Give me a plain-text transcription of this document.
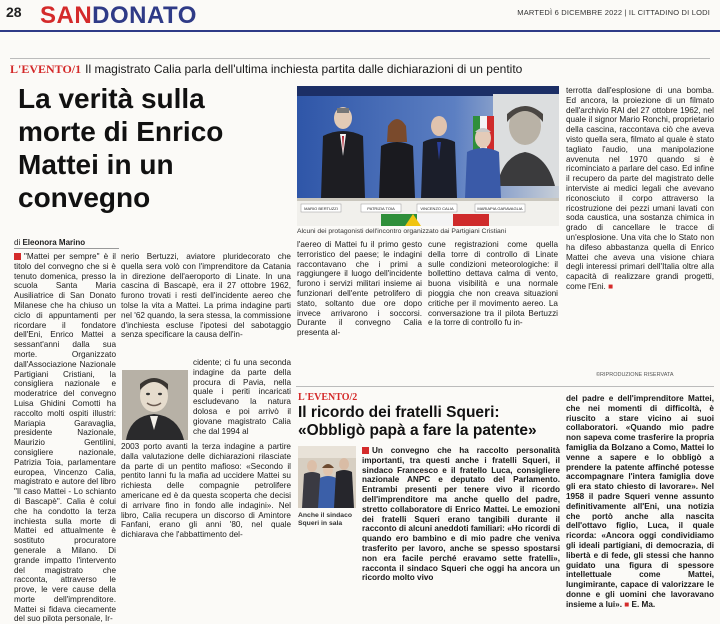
28 SANDONATO	MARTEDÌ 6 DICEMBRE 2022 | IL CITTADINO DI LODI
L'EVENTO/1 Il magistrato Calia parla dell'ultima inchiesta partita dalle dichiarazioni di un pentito
La verità sulla morte di Enrico Mattei in un convegno
di Eleonora Marino
"Mattei per sempre" è il titolo del convegno che si è tenuto domenica, presso la scuola Santa Maria Ausiliatrice di San Donato Milanese che ha chiuso un ciclo di appuntamenti per ricordare il fondatore dell'Eni, Enrico Mattei a sessant'anni dalla sua morte. Organizzato dall'Associazione Nazionale Partigiani Cristiani, la consigliera nazionale e moderatrice del convegno Luisa Ghidini Comotti ha raccolto molti ospiti illustri: Mariapia Garavaglia, presidente Nazionale, Maurizio Gentilini, consigliere nazionale, Patrizia Toia, parlamentare europea, Vincenzo Calia, magistrato e autore del libro "Il caso Mattei - Lo schianto di Bascapè". Calia è colui che ha condotto la terza inchiesta sulla morte di Mattei ed attualmente è sostituto procuratore generale a Milano. Di grande impatto l'intervento del magistrato che racconta, attraverso le prove, le vere cause della morte dell'imprenditore. Mattei si fidava ciecamente del suo pilota personale, Ir-
nerio Bertuzzi, aviatore pluridecorato che quella sera volò con l'imprenditore da Catania in direzione dell'aeroporto di Linate. In una cascina di Bascapè, era il 27 ottobre 1962, furono trovati i resti dell'incidente aereo che tolse la vita a Mattei. La prima indagine parti nel '62 quando, la sera stessa, la commissione d'inchiesta escluse l'ipotesi del sabotaggio senza specificare la causa dell'in-
cidente; ci fu una seconda indagine da parte della procura di Pavia, nella quale i periti incaricati escludevano la natura dolosa e poi arrivò il giovane magistrato Calia che dal 1994 al
2003 porto avanti la terza indagine a partire dalla valutazione delle dichiarazioni rilasciate da parte di un pentito mafioso: «Secondo il pentito Ianni fu la mafia ad uccidere Mattei su richiesta delle compagnie petrolifere americane ed è da questa scoperta che decisi di arrivare fino in fondo alle indagini». Nel libro, Calia recupera un discorso di Amintore Fanfani, erano gli anni '80, nel quale dichiarava che l'abbattimento del-
MARIO BERTUZZI	PATRIZIA TOIA	VINCENZO CALIA	MARIAPIA GARAVAGLIA
Alcuni dei protagonisti dell'incontro organizzato dai Partigiani Cristiani
l'aereo di Mattei fu il primo gesto terroristico del paese; le indagini raccontavano che i primi a raggiungere il luogo dell'incidente furono i servizi militari insieme ai funzionari dell'ente petrolifero di stato, soltanto due ore dopo invece arrivarono i soccorsi. Durante il convegno Calia presenta al-
cune registrazioni come quella della torre di controllo di Linate sulle condizioni meteorologiche: il bollettino dettava calma di vento, buona visibilità e una normale pioggia che non creava situazioni critiche per il movimento aereo. La conversazione tra il pilota Bertuzzi e la torre di controllo fu in-
terrotta dall'esplosione di una bomba. Ed ancora, la proiezione di un filmato dell'archivio RAI del 27 ottobre 1962, nel quale il signor Mario Ronchi, proprietario della cascina, raccontava ciò che aveva visto quella sera, filmato al quale è stato tagliato l'audio, una manipolazione avvenuta nel 1970 quando si è ricominciato a parlare del caso. Ed infine il recupero da parte del magistrato delle interviste ai medici legali che avevano riconosciuto il corpo attraverso la ricostruzione dei pezzi umani lavati con soda caustica, una sostanza chimica in grado di cancellare le tracce di un'esplosione. Una vita che lo Stato non ha difeso abbastanza quella di Enrico Mattei che aveva una visione chiara degli interessi primari dell'Italia oltre alla capacità di realizzare grandi progetti, come l'Eni. ■
©RIPRODUZIONE RISERVATA
L'EVENTO/2
Il ricordo dei fratelli Squeri: «Obbligò papà a fare la patente»
Anche il sindaco Squeri in sala
Un convegno che ha raccolto personalità importanti, tra questi anche i fratelli Squeri, il sindaco Francesco e il fratello Luca, consigliere nazionale ANPC e deputato del Parlamento. Entrambi presenti per tenere vivo il ricordo dell'imprenditore ma anche quello del padre, stretto collaboratore di Enrico Mattei. Le emozioni dei fratelli Squeri erano tangibili durante il racconto di alcuni aneddoti familiari: «Ho ricordi di quando ero bambino e di mio padre che veniva trasferito per lavoro, anche se spesso spostarsi non era facile perché eravamo sette fratelli», racconta il sindaco Squeri che oggi ha ancora un ricordo molto vivo
del padre e dell'imprenditore Mattei, che nei momenti di difficoltà, è riuscito a stare vicino ai suoi collaboratori. «Quando mio padre non sapeva come trasferire la propria famiglia da Bolzano a Como, Mattei lo venne a sapere e lo obbligò a prendere la patente affinché potesse accompagnare l'intera famiglia dove gli era stato chiesto di lavorare». Nel 1958 il padre Squeri venne assunto definitivamente all'Eni, una notizia che portò anche alla nascita dell'ottavo figlio, Luca, il quale ricorda: «Ancora oggi condividiamo gli ideali partigiani, di democrazia, di libertà e di fede, gli stessi che hanno guidato una figura di spessore intellettuale come Mattei, lungimirante, capace di valorizzare le donne e gli uomini che lavoravano insieme a lui». ■ E. Ma.
